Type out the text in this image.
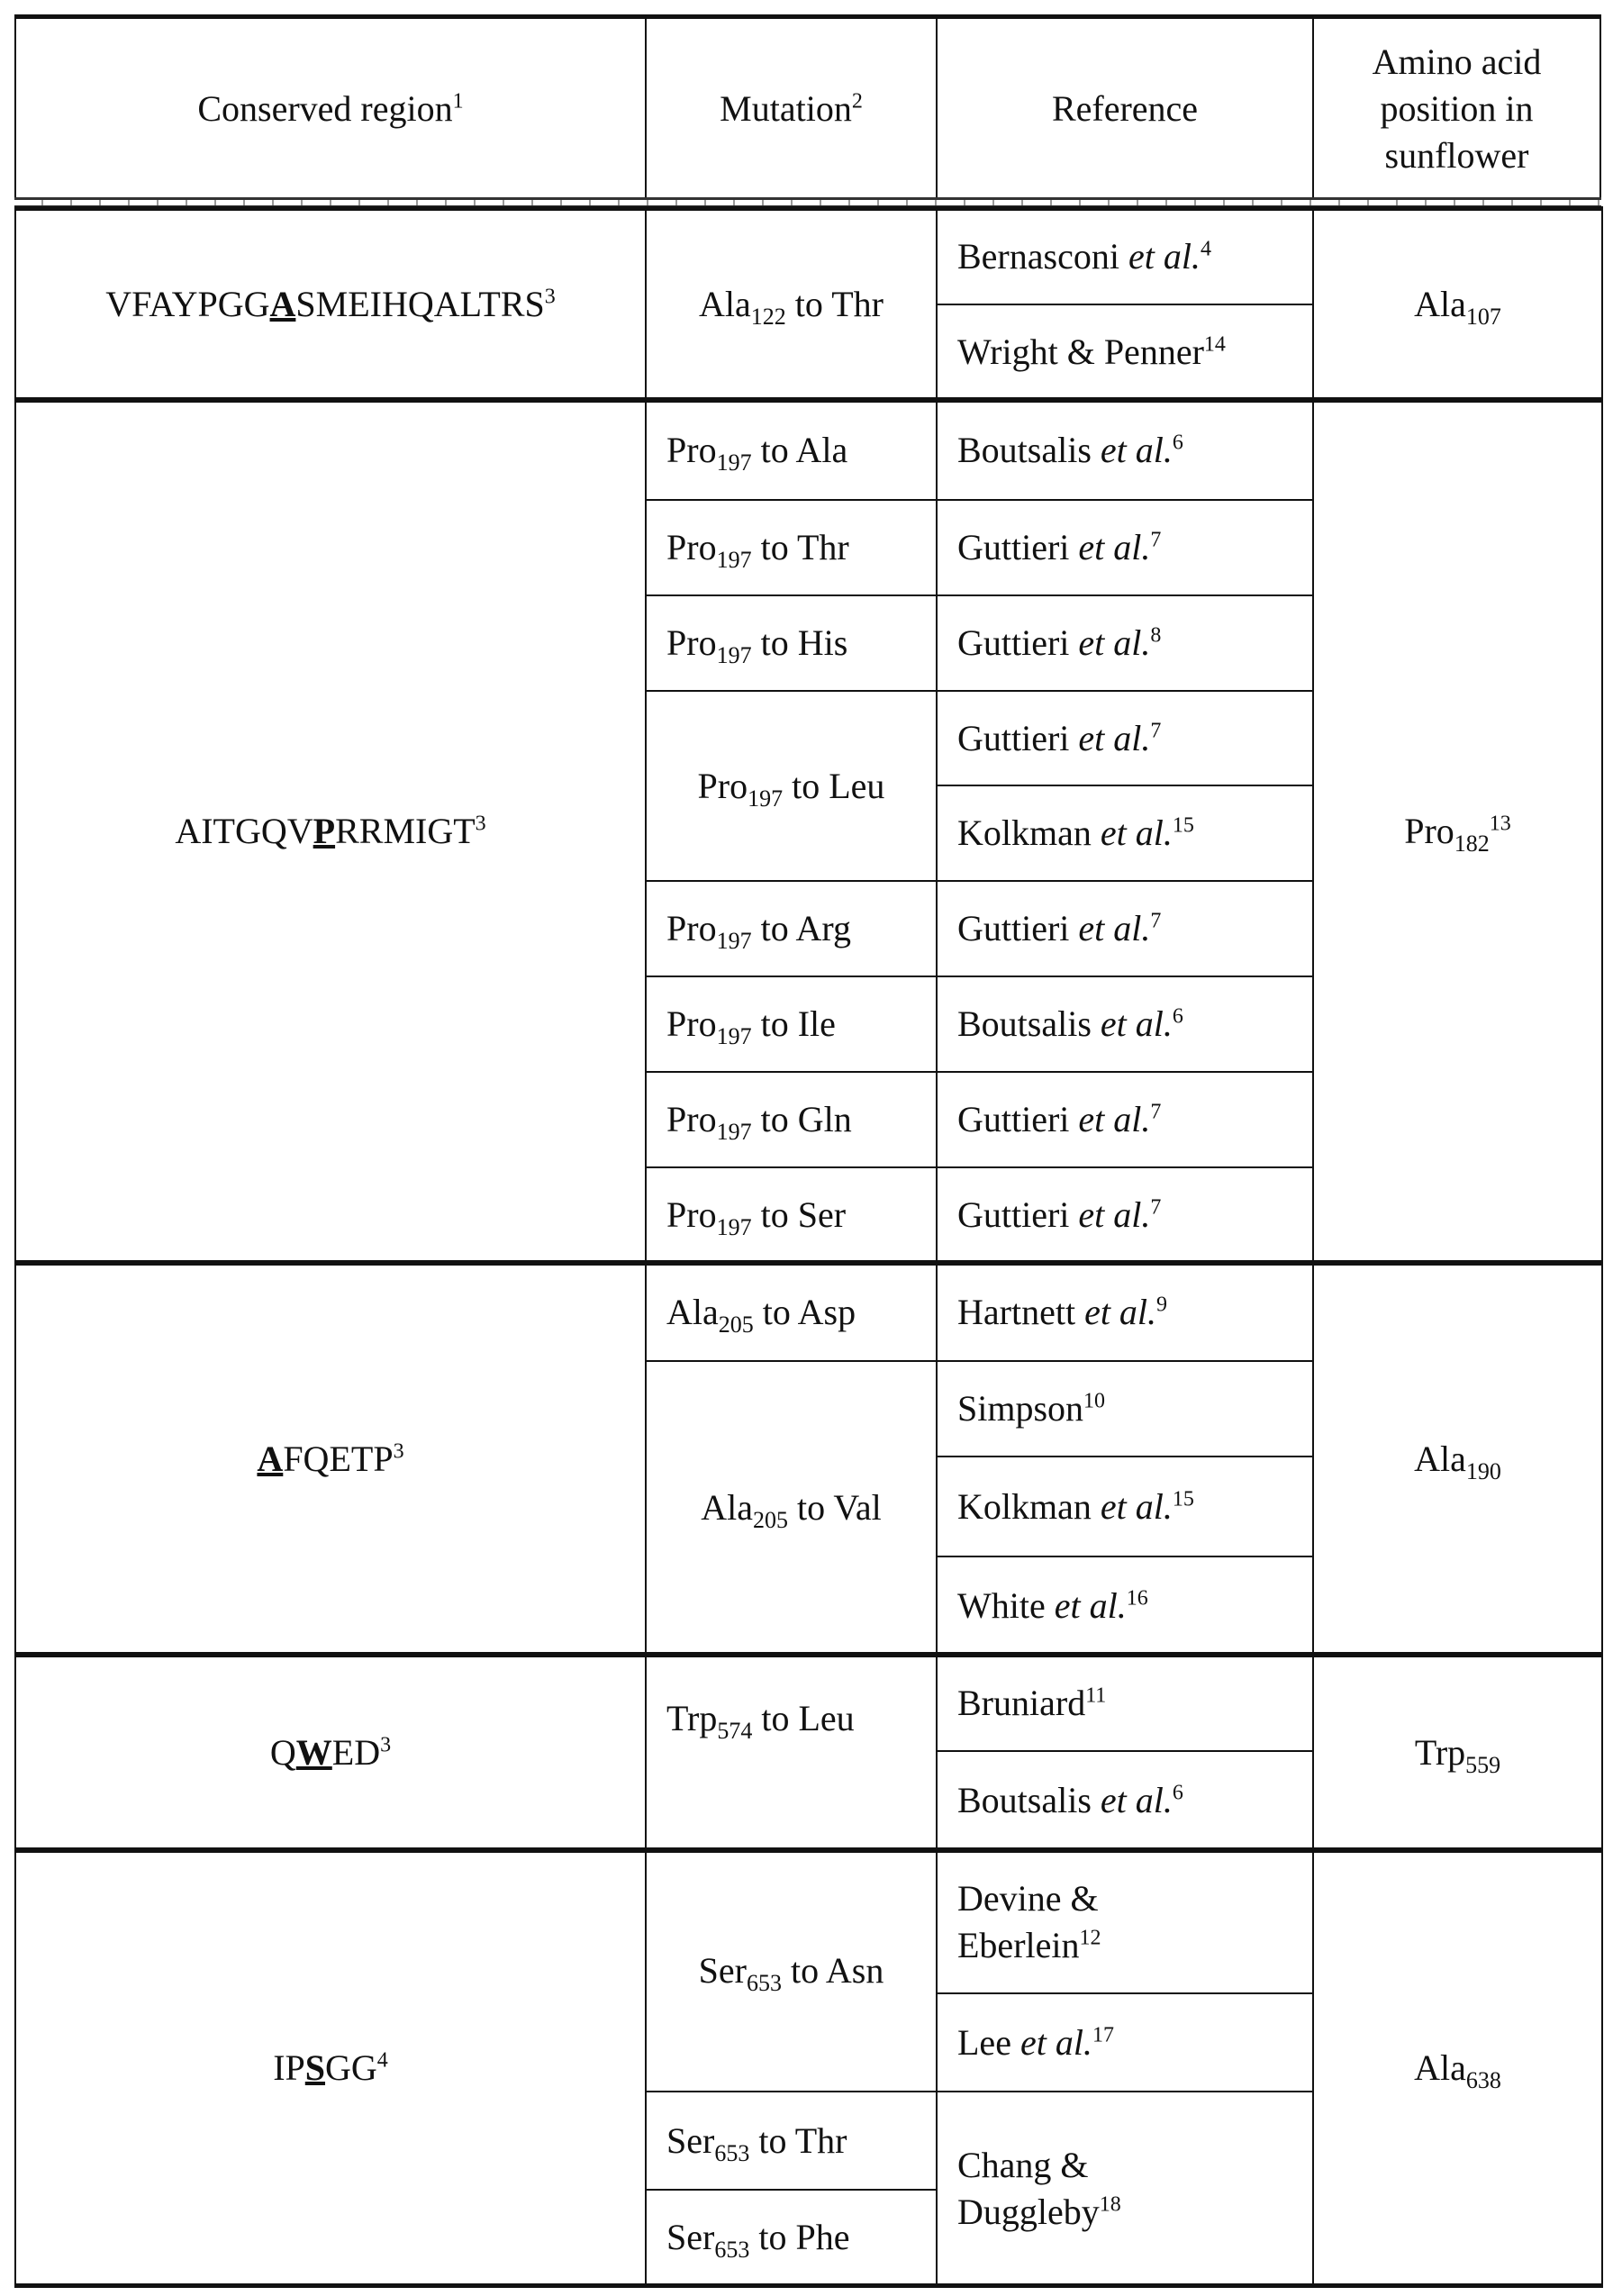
Conserved region1	Mutation2	Reference
Amino acid position in sunflower
VFAYPGGASMEIHQALTRS3	Ala122 to Thr
Bernasconi et al.4
Wright & Penner14
Ala107
AITGQVPRRMIGT3
Pro197 to Ala
Pro197 to Thr
Pro197 to His
Pro197 to Leu
Pro197 to Arg
Pro197 to Ile
Pro197 to Gln
Pro197 to Ser
Boutsalis et al.6
Guttieri et al.7
Guttieri et al.8
Guttieri et al.7
Kolkman et al.15
Guttieri et al.7
Boutsalis et al.6
Guttieri et al.7
Guttieri et al.7
Pro18213
AFQETP3
Ala205 to Asp
Ala205 to Val
Hartnett et al.9
Simpson10
Kolkman et al.15
White et al.16
Ala190
QWED3
Trp574 to Leu	Bruniard11
Boutsalis et al.6
Trp559
IPSGG4
Ser653 to Asn
Ser653 to Thr
Ser653 to Phe
Devine & Eberlein12
Lee et al.17
Chang & Duggleby18
Ala638
